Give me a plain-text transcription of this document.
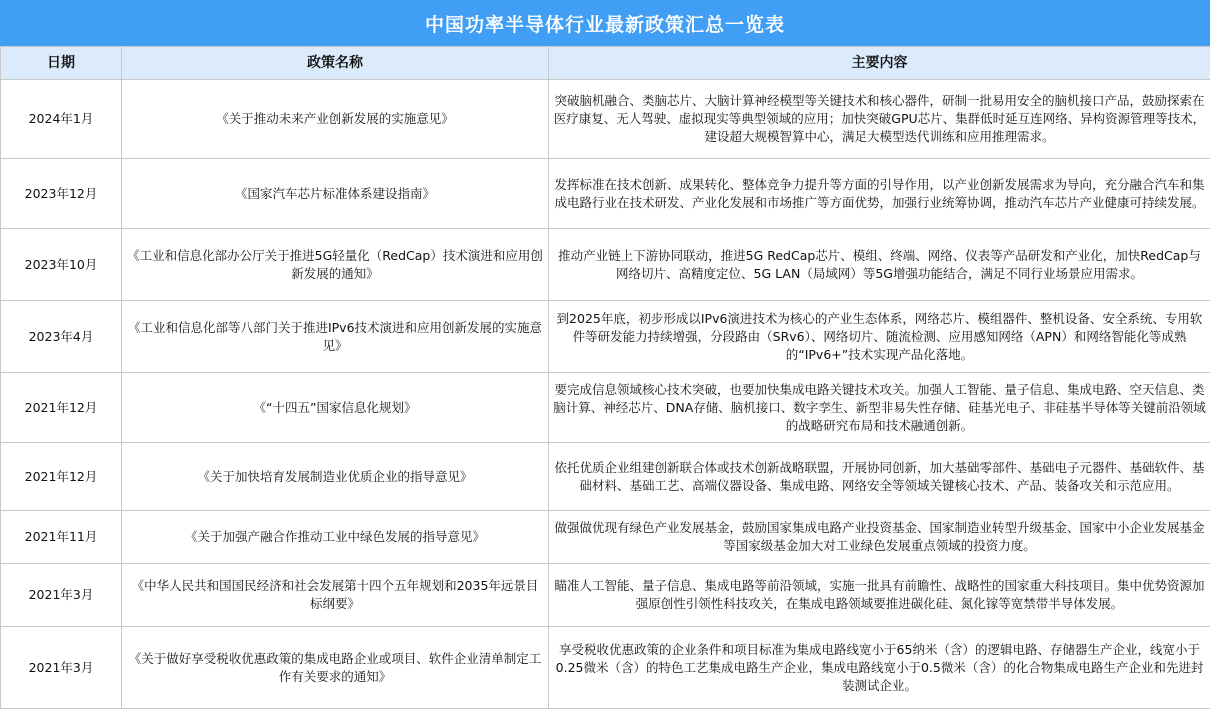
中国功率半导体行业最新政策汇总一览表
日期	政策名称	主要内容
2024年1月	《关于推动未来产业创新发展的实施意见》	突破脑机融合、类脑芯片、大脑计算神经模型等关键技术和核心器件，研制一批易用安全的脑机接口产品，鼓励探索在医疗康复、无人驾驶、虚拟现实等典型领域的应用；加快突破GPU芯片、集群低时延互连网络、异构资源管理等技术，建设超大规模智算中心，满足大模型迭代训练和应用推理需求。
2023年12月	《国家汽车芯片标准体系建设指南》	发挥标准在技术创新、成果转化、整体竞争力提升等方面的引导作用，以产业创新发展需求为导向，充分融合汽车和集成电路行业在技术研发、产业化发展和市场推广等方面优势，加强行业统筹协调，推动汽车芯片产业健康可持续发展。
2023年10月	《工业和信息化部办公厅关于推进5G轻量化（RedCap）技术演进和应用创新发展的通知》	推动产业链上下游协同联动，推进5G RedCap芯片、模组、终端、网络、仪表等产品研发和产业化，加快RedCap与网络切片、高精度定位、5G LAN（局域网）等5G增强功能结合，满足不同行业场景应用需求。
2023年4月	《工业和信息化部等八部门关于推进IPv6技术演进和应用创新发展的实施意见》	到2025年底，初步形成以IPv6演进技术为核心的产业生态体系，网络芯片、模组器件、整机设备、安全系统、专用软件等研发能力持续增强，分段路由（SRv6）、网络切片、随流检测、应用感知网络（APN）和网络智能化等成熟的“IPv6+”技术实现产品化落地。
2021年12月	《“十四五”国家信息化规划》	要完成信息领域核心技术突破，也要加快集成电路关键技术攻关。加强人工智能、量子信息、集成电路、空天信息、类脑计算、神经芯片、DNA存储、脑机接口、数字孪生、新型非易失性存储、硅基光电子、非硅基半导体等关键前沿领域的战略研究布局和技术融通创新。
2021年12月	《关于加快培育发展制造业优质企业的指导意见》	依托优质企业组建创新联合体或技术创新战略联盟，开展协同创新，加大基础零部件、基础电子元器件、基础软件、基础材料、基础工艺、高端仪器设备、集成电路、网络安全等领域关键核心技术、产品、装备攻关和示范应用。
2021年11月	《关于加强产融合作推动工业中绿色发展的指导意见》	做强做优现有绿色产业发展基金，鼓励国家集成电路产业投资基金、国家制造业转型升级基金、国家中小企业发展基金等国家级基金加大对工业绿色发展重点领域的投资力度。
2021年3月	《中华人民共和国国民经济和社会发展第十四个五年规划和2035年远景目标纲要》	瞄准人工智能、量子信息、集成电路等前沿领域，实施一批具有前瞻性、战略性的国家重大科技项目。集中优势资源加强原创性引领性科技攻关，在集成电路领域要推进碳化硅、氮化镓等宽禁带半导体发展。
2021年3月	《关于做好享受税收优惠政策的集成电路企业或项目、软件企业清单制定工作有关要求的通知》	享受税收优惠政策的企业条件和项目标准为集成电路线宽小于65纳米（含）的逻辑电路、存储器生产企业，线宽小于0.25微米（含）的特色工艺集成电路生产企业，集成电路线宽小于0.5微米（含）的化合物集成电路生产企业和先进封装测试企业。
